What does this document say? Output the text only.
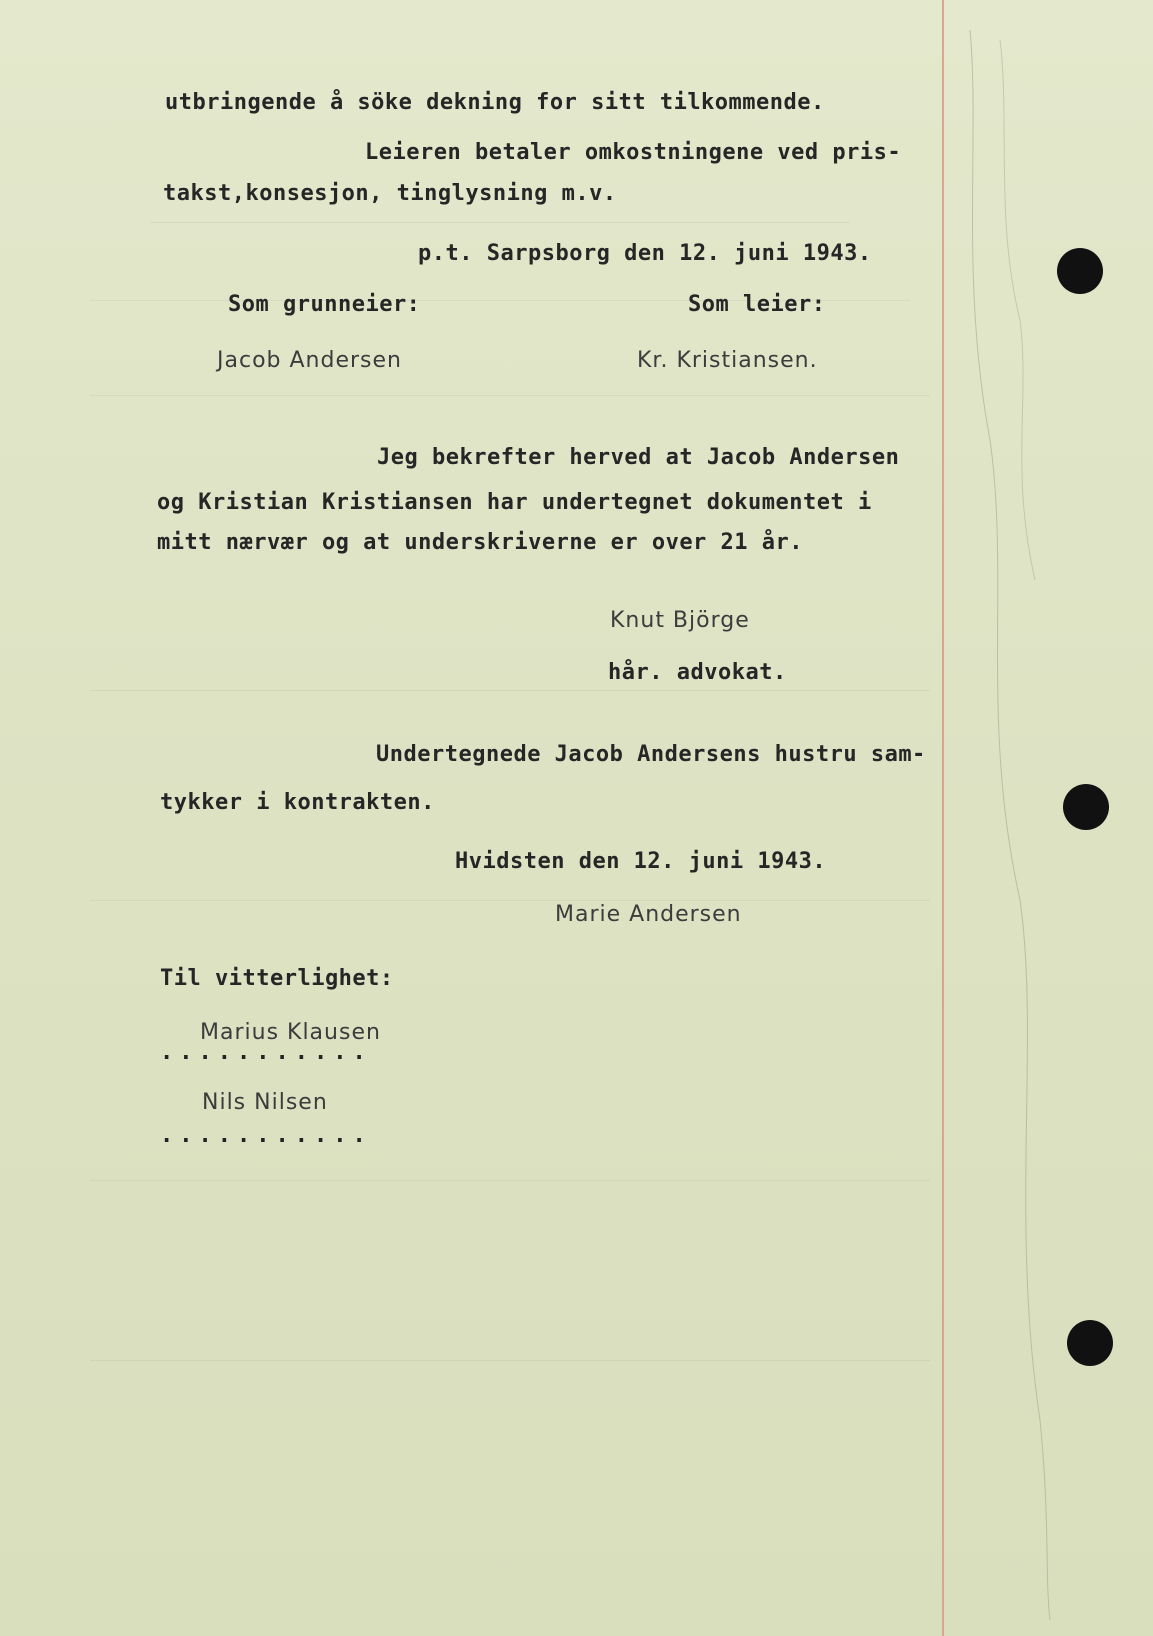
utbringende å söke dekning for sitt tilkommende.
Leieren betaler omkostningene ved pris-
takst,konsesjon, tinglysning m.v.
p.t. Sarpsborg den 12. juni 1943.
Som grunneier:	Som leier:
Jacob Andersen	Kr. Kristiansen.
Jeg bekrefter herved at Jacob Andersen
og Kristian Kristiansen har undertegnet dokumentet i
mitt nærvær og at underskriverne er over 21 år.
Knut Björge
hår. advokat.
Undertegnede Jacob Andersens hustru sam-
tykker i kontrakten.
Hvidsten den 12. juni 1943.
Marie Andersen
Til vitterlighet:
Marius Klausen
...........
Nils Nilsen
...........
